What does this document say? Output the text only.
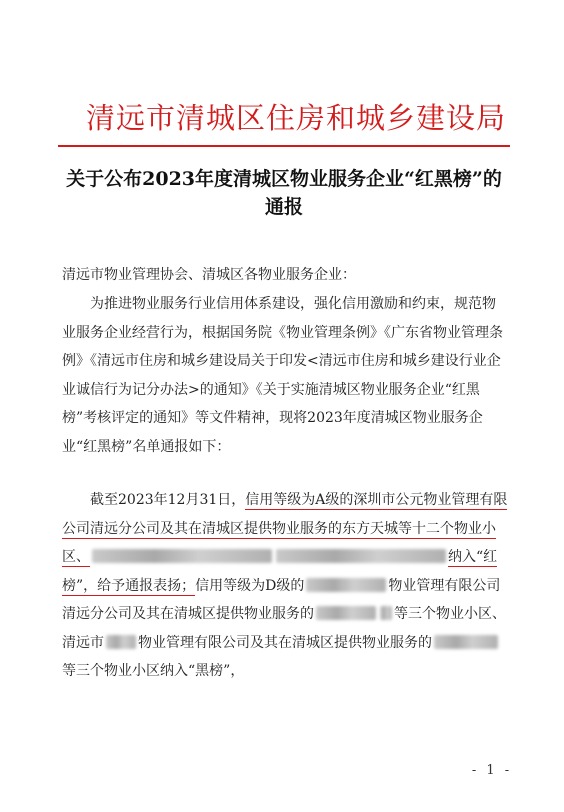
清远市清城区住房和城乡建设局
关于公布2023年度清城区物业服务企业“红黑榜”的通报
清远市物业管理协会、清城区各物业服务企业：
为推进物业服务行业信用体系建设，强化信用激励和约束，规范物业服务企业经营行为，根据国务院《物业管理条例》《广东省物业管理条例》《清远市住房和城乡建设局关于印发<清远市住房和城乡建设行业企业诚信行为记分办法>的通知》《关于实施清城区物业服务企业“红黑榜”考核评定的通知》等文件精神，现将2023年度清城区物业服务企业“红黑榜”名单通报如下：
截至2023年12月31日，信用等级为A级的深圳市公元物业管理有限公司清远分公司及其在清城区提供物业服务的东方天城等十二个物业小区、	纳入“红榜”，给予通报表扬；信用等级为D级的	物业管理有限公司清远分公司及其在清城区提供物业服务的	等三个物业小区、清远市 物业管理有限公司及其在清城区提供物业服务的等三个物业小区纳入“黑榜”，
- 1 -
